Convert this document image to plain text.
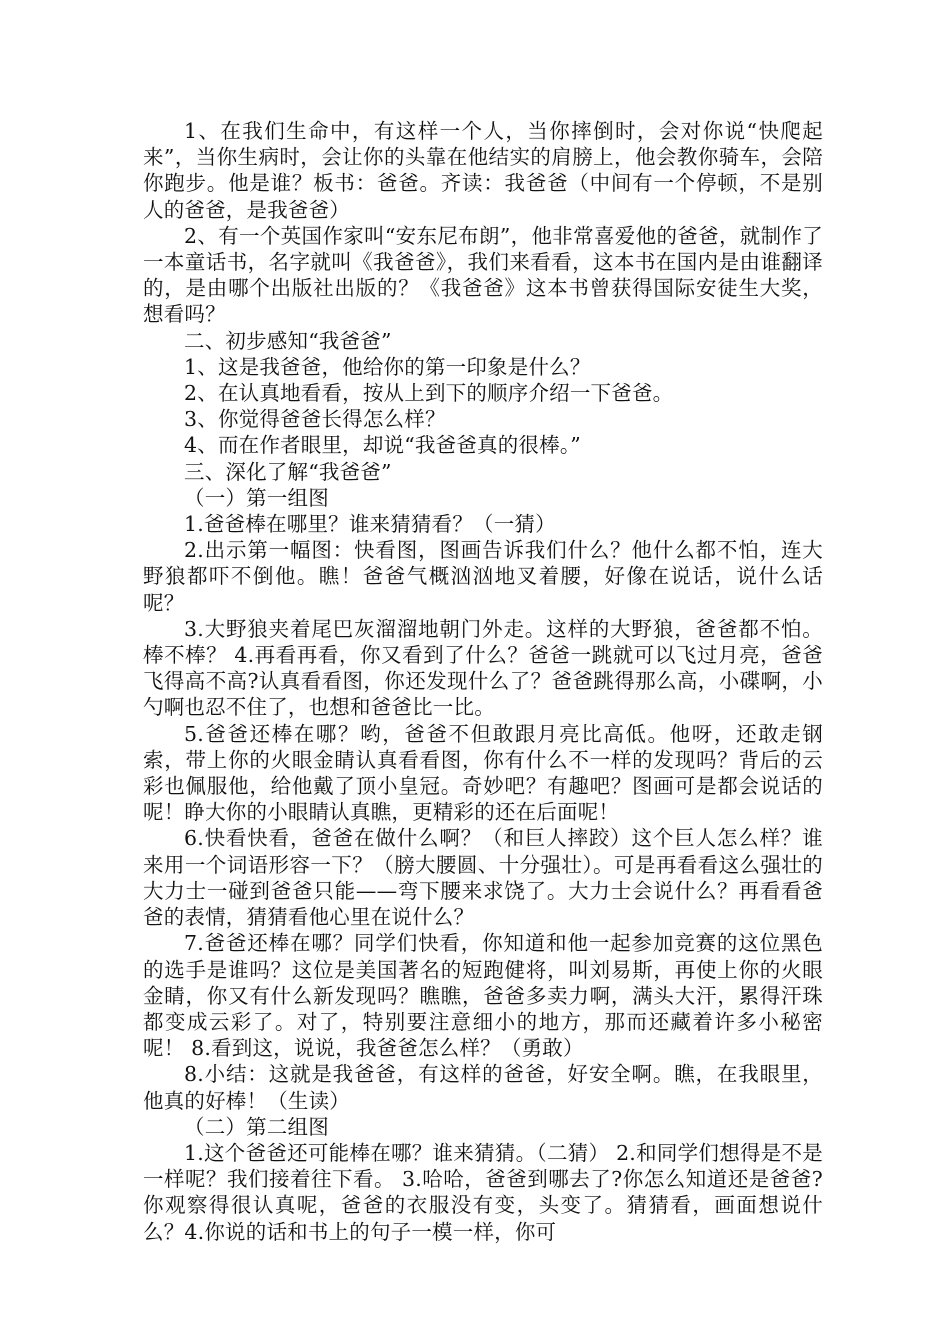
1、在我们生命中，有这样一个人，当你摔倒时，会对你说“快爬起来”，当你生病时，会让你的头靠在他结实的肩膀上，他会教你骑车，会陪你跑步。他是谁？板书：爸爸。齐读：我爸爸（中间有一个停顿，不是别人的爸爸，是我爸爸）

2、有一个英国作家叫“安东尼布朗”，他非常喜爱他的爸爸，就制作了一本童话书，名字就叫《我爸爸》，我们来看看，这本书在国内是由谁翻译的，是由哪个出版社出版的？《我爸爸》这本书曾获得国际安徒生大奖，想看吗？

二、初步感知“我爸爸”

1、这是我爸爸，他给你的第一印象是什么？

2、在认真地看看，按从上到下的顺序介绍一下爸爸。

3、你觉得爸爸长得怎么样？

4、而在作者眼里，却说“我爸爸真的很棒。”

三、深化了解“我爸爸”

（一）第一组图

1.爸爸棒在哪里？谁来猜猜看？（一猜）

2.出示第一幅图：快看图，图画告诉我们什么？他什么都不怕，连大野狼都吓不倒他。瞧！爸爸气概汹汹地叉着腰，好像在说话，说什么话呢？

3.大野狼夹着尾巴灰溜溜地朝门外走。这样的大野狼，爸爸都不怕。棒不棒？ 4.再看再看，你又看到了什么？爸爸一跳就可以飞过月亮，爸爸飞得高不高?认真看看图，你还发现什么了？爸爸跳得那么高，小碟啊，小勺啊也忍不住了，也想和爸爸比一比。

5.爸爸还棒在哪？哟，爸爸不但敢跟月亮比高低。他呀，还敢走钢索，带上你的火眼金睛认真看看图，你有什么不一样的发现吗？背后的云彩也佩服他，给他戴了顶小皇冠。奇妙吧？有趣吧？图画可是都会说话的呢！睁大你的小眼睛认真瞧，更精彩的还在后面呢！

6.快看快看，爸爸在做什么啊？（和巨人摔跤）这个巨人怎么样？谁来用一个词语形容一下？（膀大腰圆、十分强壮）。可是再看看这么强壮的大力士一碰到爸爸只能——弯下腰来求饶了。大力士会说什么？再看看爸爸的表情，猜猜看他心里在说什么？

7.爸爸还棒在哪？同学们快看，你知道和他一起参加竞赛的这位黑色的选手是谁吗？这位是美国著名的短跑健将，叫刘易斯，再使上你的火眼金睛，你又有什么新发现吗？瞧瞧，爸爸多卖力啊，满头大汗，累得汗珠都变成云彩了。对了，特别要注意细小的地方，那而还藏着许多小秘密呢！ 8.看到这，说说，我爸爸怎么样？（勇敢）

8.小结：这就是我爸爸，有这样的爸爸，好安全啊。瞧，在我眼里，他真的好棒！（生读）

（二）第二组图

1.这个爸爸还可能棒在哪？谁来猜猜。（二猜） 2.和同学们想得是不是一样呢？我们接着往下看。 3.哈哈，爸爸到哪去了?你怎么知道还是爸爸?你观察得很认真呢，爸爸的衣服没有变，头变了。猜猜看，画面想说什么？4.你说的话和书上的句子一模一样，你可
